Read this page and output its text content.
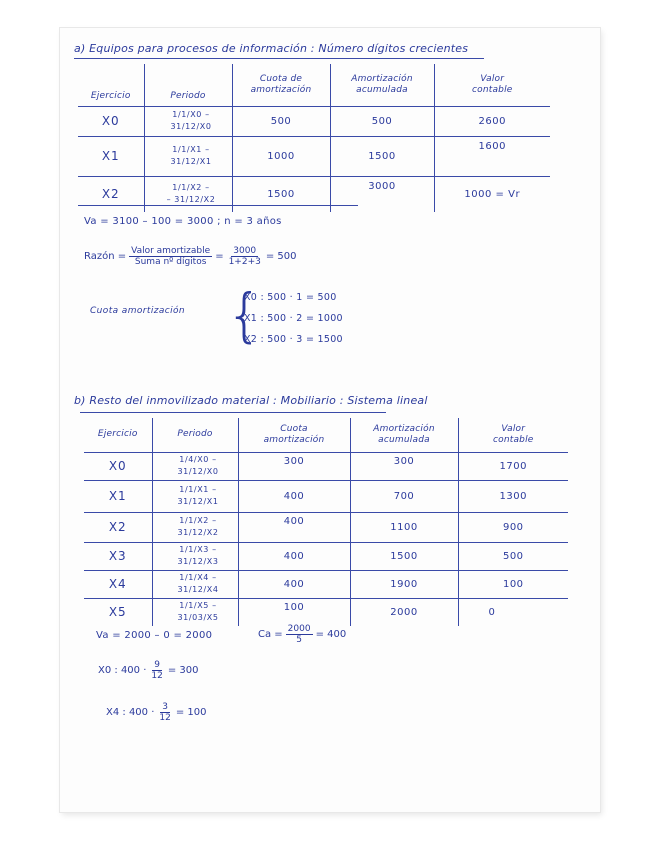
a) Equipos para procesos de información : Número dígitos crecientes
Ejercicio	Periodo	Cuota de amortización	Amortización acumulada	Valor contable
X0	1/1/X0 –
31/12/X0	500	500	2600
X1	1/1/X1 –
31/12/X1	1000	1500	1600
X2	1/1/X2 –
– 31/12/X2	1500	3000	1000 = Vr
Va = 3100 – 100 = 3000 ; n = 3 años
Razón = $\frac{\text{Valor amortizable}}{\text{Suma nº dígitos}} = \frac{3000}{1+2+3} = 500$
Cuota amortización {
X0 : 500 · 1 = 500
X1 : 500 · 2 = 1000
X2 : 500 · 3 = 1500
b) Resto del inmovilizado material : Mobiliario : Sistema lineal
Ejercicio	Periodo	Cuota amortización	Amortización acumulada	Valor contable
X0	1/4/X0 –
31/12/X0	300	300	1700
X1	1/1/X1 –
31/12/X1	400	700	1300
X2	1/1/X2 –
31/12/X2	400	1100	900
X3	1/1/X3 –
31/12/X3	400	1500	500
X4	1/1/X4 –
31/12/X4	400	1900	100
X5	1/1/X5 –
31/03/X5	100	2000	0
Va = 2000 – 0 = 2000	$Ca = \frac{2000}{5} = 400$
X0 : $400 \cdot \frac{9}{12} = 300$
X4 : $400 \cdot \frac{3}{12} = 100$
